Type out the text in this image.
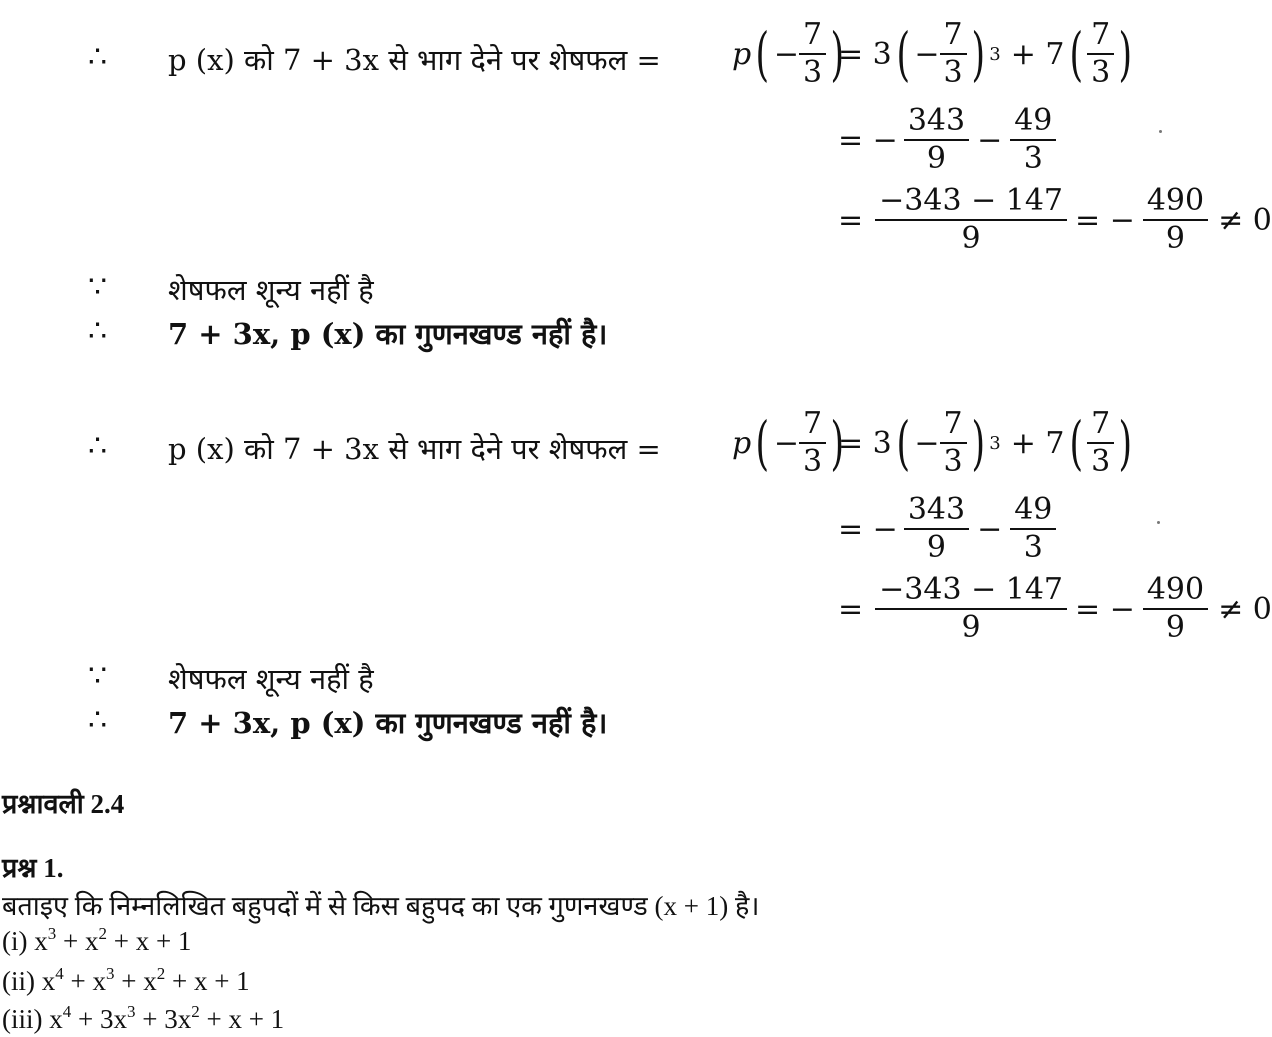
∴ p (x) को 7 + 3x से भाग देने पर शेषफल = p ( − $\frac{7}{3}$ )
= 3 ( − $\frac{7}{3}$ ) 3 + 7 ( $\frac{7}{3}$ )
= − $\frac{343}{9} - \frac{49}{3}$
= $\frac{-343 - 147}{9}$ = − $\frac{490}{9} \ne 0$
∵ शेषफल शून्य नहीं है
∴ 7 + 3x, p (x) का गुणनखण्ड नहीं है।
∴ p (x) को 7 + 3x से भाग देने पर शेषफल = p ( − $\frac{7}{3}$ )
= 3 ( − $\frac{7}{3}$ ) 3 + 7 ( $\frac{7}{3}$ )
= − $\frac{343}{9} - \frac{49}{3}$
= $\frac{-343 - 147}{9}$ = − $\frac{490}{9} \ne 0$
∵ शेषफल शून्य नहीं है
∴ 7 + 3x, p (x) का गुणनखण्ड नहीं है।
प्रश्नावली 2.4
प्रश्न 1.
बताइए कि निम्नलिखित बहुपदों में से किस बहुपद का एक गुणनखण्ड (x + 1) है।
(i) $x^3 + x^2 + x + 1$
(ii) $x^4 + x^3 + x^2 + x + 1$
(iii) $x^4 + 3x^3 + 3x^2 + x + 1$
